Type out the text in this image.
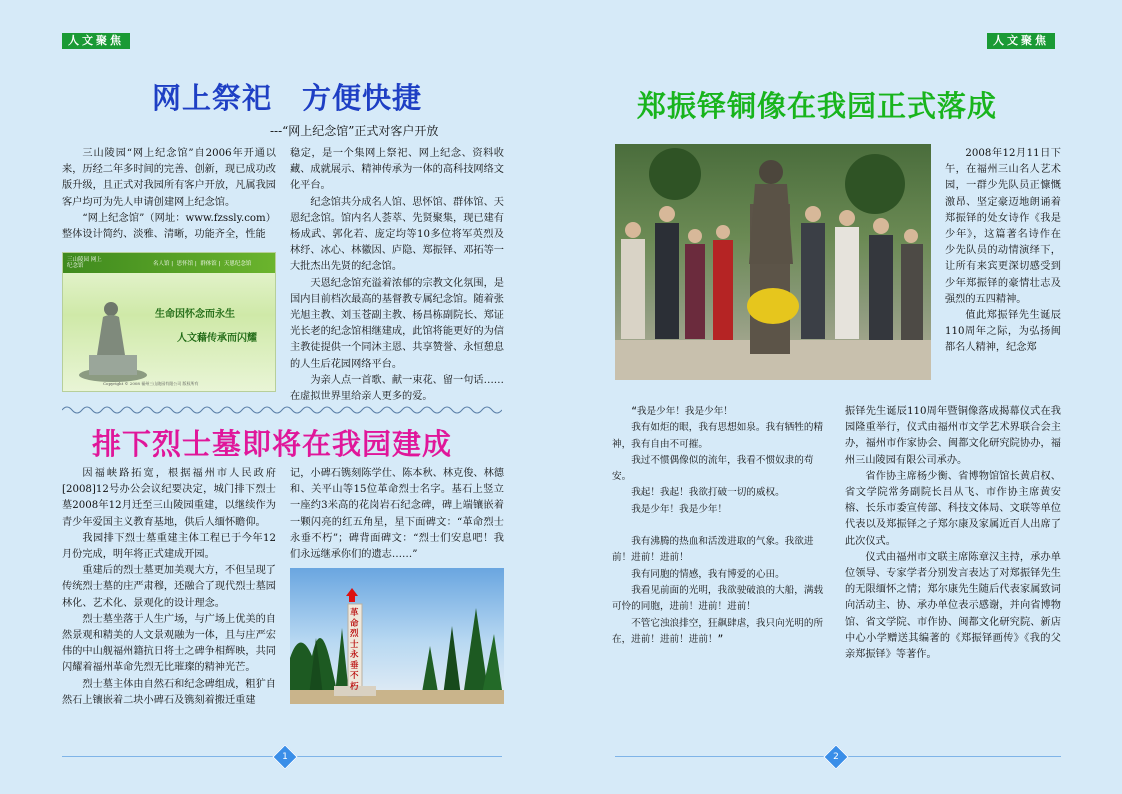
人文聚焦
网上祭祀　方便快捷
---“网上纪念馆”正式对客户开放

三山陵园“网上纪念馆”自2006年开通以来，历经二年多时间的完善、创新，现已成功改版升级，且正式对我园所有客户开放，凡属我园客户均可为先人申请创建网上纪念馆。

“网上纪念馆”（网址：www.fzssly.com）整体设计简约、淡雅、清晰，功能齐全，性能

三山陵园 网上纪念馆	名人馆 |  思怀馆 |  群体馆 |  天恩纪念馆
生命因怀念而永生
人文藉传承而闪耀
Copyright © 2008 福州三山陵园有限公司 版权所有

稳定，是一个集网上祭祀、网上纪念、资料收藏、成就展示、精神传承为一体的高科技网络文化平台。

纪念馆共分成名人馆、思怀馆、群体馆、天恩纪念馆。馆内名人荟萃、先贤聚集，现已建有杨成武、郭化若、庞定均等10多位将军英烈及林纾、冰心、林徽因、庐隐、郑振铎、邓拓等一大批杰出先贤的纪念馆。

天恩纪念馆充溢着浓郁的宗教文化氛围，是国内目前档次最高的基督教专属纪念馆。随着张光旭主教、刘玉苍副主教、杨昌栋副院长、郑证光长老的纪念馆相继建成，此馆将能更好的为信主教徒提供一个同沐主恩、共享赞誉、永恒憩息的人生后花园网络平台。

为亲人点一首歌、献一束花、留一句话……在虚拟世界里给亲人更多的爱。

排下烈士墓即将在我园建成

因福峡路拓宽，根据福州市人民政府[2008]12号办公会议纪要决定，城门排下烈士墓2008年12月迁至三山陵园重建，以继续作为青少年爱国主义教育基地，供后人缅怀瞻仰。

我园排下烈士墓重建主体工程已于今年12月份完成，明年将正式建成开园。

重建后的烈士墓更加美观大方，不但呈现了传统烈士墓的庄严肃穆，还融合了现代烈士墓园林化、艺术化、景观化的设计理念。

烈士墓坐落于人生广场，与广场上优美的自然景观和精美的人文景观融为一体，且与庄严宏伟的中山舰福州籍抗日将士之碑争相辉映，共同闪耀着福州革命先烈无比璀璨的精神光芒。

烈士墓主体由自然石和纪念碑组成，粗犷自然石上镶嵌着二块小碑石及镌刻着搬迁重建

记，小碑石镌刻陈学仕、陈本秋、林克俊、林德和、关平山等15位革命烈士名字。基石上竖立一座约3米高的花岗岩石纪念碑，碑上端镶嵌着一颗闪亮的红五角星，星下面碑文：“革命烈士永垂不朽”；碑背面碑文：“烈士们安息吧！我们永远继承你们的遗志……”

革命烈士永垂不朽
1
人文聚焦
郑振铎铜像在我园正式落成

2008年12月11日下午，在福州三山名人艺术园，一群少先队员正慷慨激昂、坚定豪迈地朗诵着郑振铎的处女诗作《我是少年》，这篇著名诗作在少先队员的动情演绎下，让所有来宾更深切感受到少年郑振铎的豪情壮志及强烈的五四精神。

值此郑振铎先生诞辰110周年之际，为弘扬闽都名人精神，纪念郑

振铎先生诞辰110周年暨铜像落成揭幕仪式在我园隆重举行，仪式由福州市文学艺术界联合会主办，福州市作家协会、闽都文化研究院协办，福州三山陵园有限公司承办。

省作协主席杨少衡、省博物馆馆长黄启权、省文学院常务副院长吕从飞、市作协主席黄安榕、长乐市委宣传部、科技文体局、文联等单位代表以及郑振铎之子郑尔康及家属近百人出席了此次仪式。

仪式由福州市文联主席陈章汉主持，承办单位领导、专家学者分别发言表达了对郑振铎先生的无限缅怀之情；郑尔康先生随后代表家属致词向活动主、协、承办单位表示感谢，并向省博物馆、省文学院、市作协、闽都文化研究院、新店中心小学赠送其编著的《郑振铎画传》《我的父亲郑振铎》等著作。

2

“我是少年！我是少年！

我有如炬的眼，我有思想如泉。我有牺牲的精神，我有自由不可摧。

我过不惯偶像似的流年，我看不惯奴隶的苟安。

我起！我起！我欲打破一切的威权。

我是少年！我是少年！

我有沸腾的热血和活泼进取的气象。我欲进前！进前！进前！

我有同胞的情感，我有博爱的心田。

我看见前面的光明，我欲驶破浪的大船，满载可怜的同胞，进前！进前！进前！

不管它浊浪排空，狂飙肆虐，我只向光明的所在，进前！进前！进前！”
